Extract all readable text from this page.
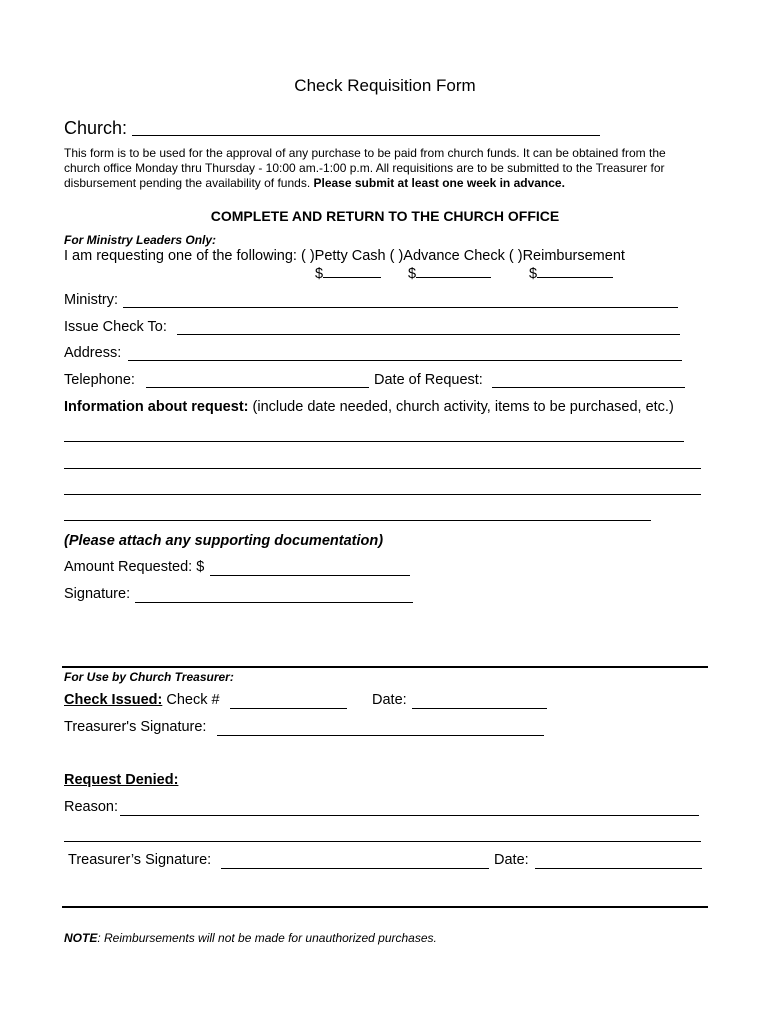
Check Requisition Form
Church:
This form is to be used for the approval of any purchase to be paid from church funds. It can be obtained from the
church office Monday thru Thursday - 10:00 am.-1:00 p.m. All requisitions are to be submitted to the Treasurer for
disbursement pending the availability of funds. Please submit at least one week in advance.
COMPLETE AND RETURN TO THE CHURCH OFFICE
For Ministry Leaders Only:
I am requesting one of the following: ( )Petty Cash ( )Advance Check ( )Reimbursement
$	$	$
Ministry:
Issue Check To:
Address:
Telephone:	Date of Request:
Information about request: (include date needed, church activity, items to be purchased, etc.)
(Please attach any supporting documentation)
Amount Requested: $
Signature:
For Use by Church Treasurer:
Check Issued: Check #	Date:
Treasurer's Signature:
Request Denied:
Reason:
Treasurer’s Signature:	Date:
NOTE: Reimbursements will not be made for unauthorized purchases.
